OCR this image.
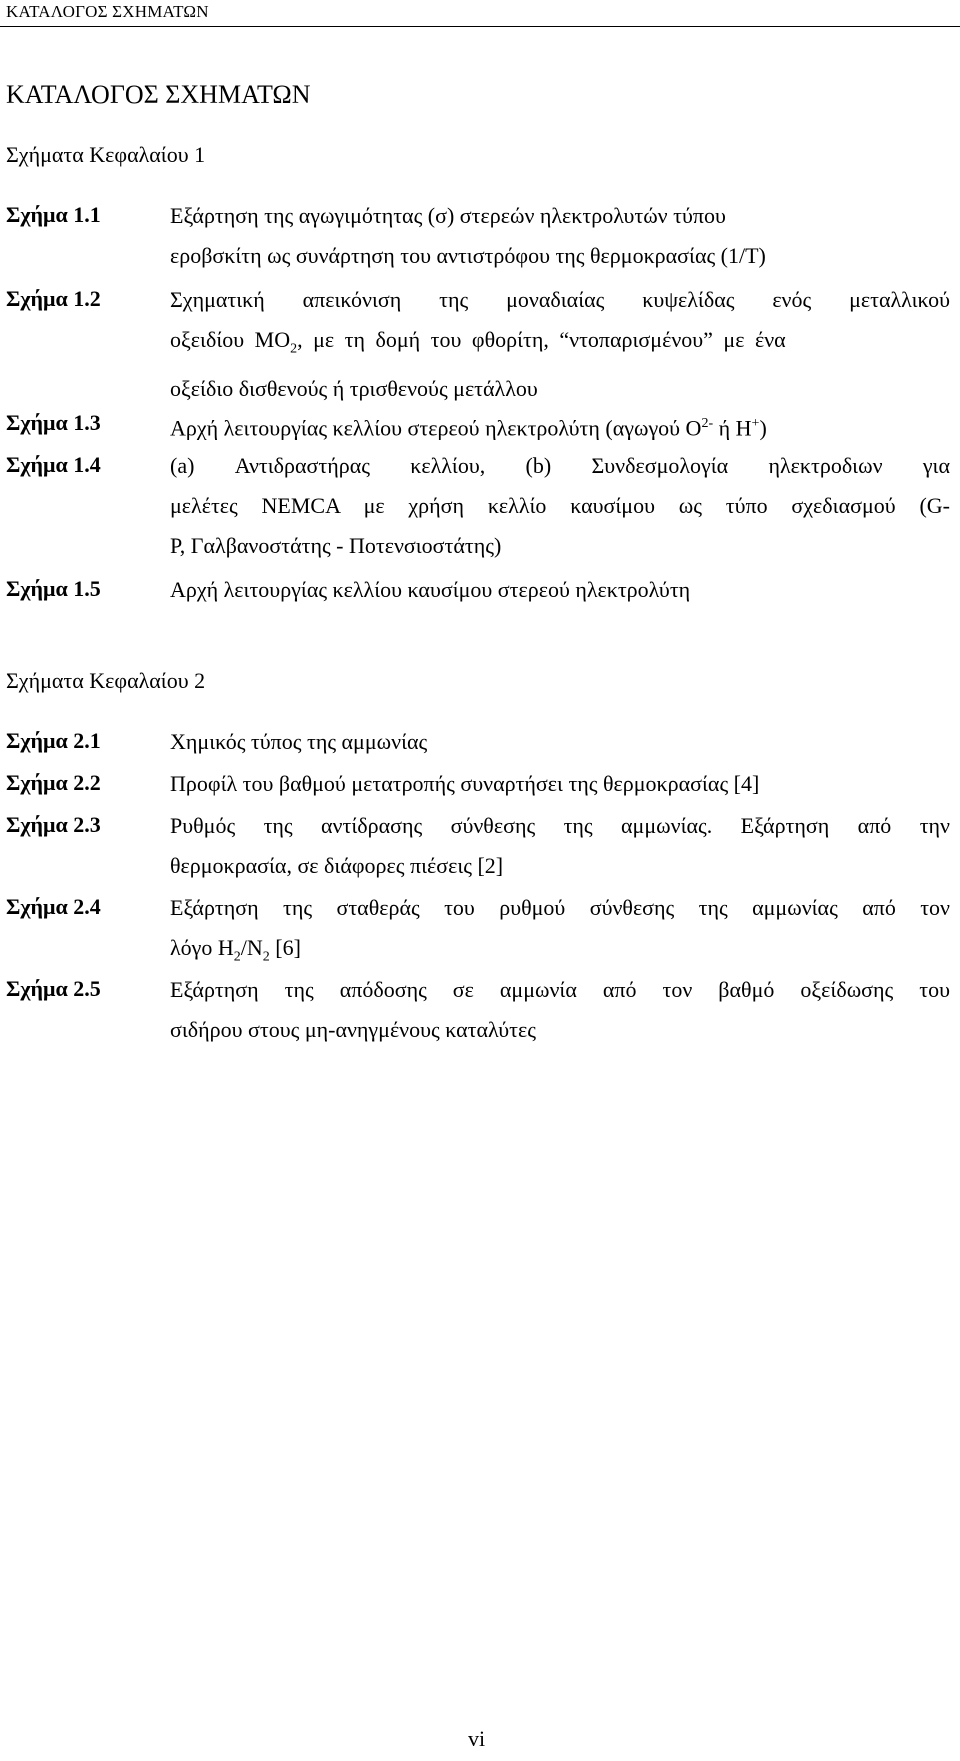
ΚΑΤΑΛΟΓΟΣ ΣΧΗΜΑΤΩΝ
ΚΑΤΑΛΟΓΟΣ ΣΧΗΜΑΤΩΝ
Σχήματα Κεφαλαίου 1
Σχήμα 1.1	Εξάρτηση της αγωγιμότητας (σ) στερεών ηλεκτρολυτών τύπου
εροβσκίτη ως συνάρτηση του αντιστρόφου της θερμοκρασίας (1/T)
Σχήμα 1.2	Σχηματική απεικόνιση της μοναδιαίας κυψελίδας ενός μεταλλικού
οξειδίου $MO_2$, με τη δομή του φθορίτη, “ντοπαρισμένου” με ένα
οξείδιο δισθενούς ή τρισθενούς μετάλλου
Σχήμα 1.3	Αρχή λειτουργίας κελλίου στερεού ηλεκτρολύτη (αγωγού $O^{2-}$ ή H+)
Σχήμα 1.4	(a) Αντιδραστήρας κελλίου, (b) Συνδεσμολογία ηλεκτροδιων για
μελέτες NEMCA με χρήση κελλίο καυσίμου ως τύπο σχεδιασμού (G-
P, Γαλβανοστάτης - Ποτενσιοστάτης)
Σχήμα 1.5	Αρχή λειτουργίας κελλίου καυσίμου στερεού ηλεκτρολύτη
Σχήματα Κεφαλαίου 2
Σχήμα 2.1	Χημικός τύπος της αμμωνίας
Σχήμα 2.2	Προφίλ του βαθμού μετατροπής συναρτήσει της θερμοκρασίας [4]
Σχήμα 2.3	Ρυθμός της αντίδρασης σύνθεσης της αμμωνίας. Εξάρτηση από την
θερμοκρασία, σε διάφορες πιέσεις [2]
Σχήμα 2.4	Εξάρτηση της σταθεράς του ρυθμού σύνθεσης της αμμωνίας από τον
λόγο $H_2/N_2$ [6]
Σχήμα 2.5	Εξάρτηση της απόδοσης σε αμμωνία από τον βαθμό οξείδωσης του
σιδήρου στους μη-ανηγμένους καταλύτες
vi
